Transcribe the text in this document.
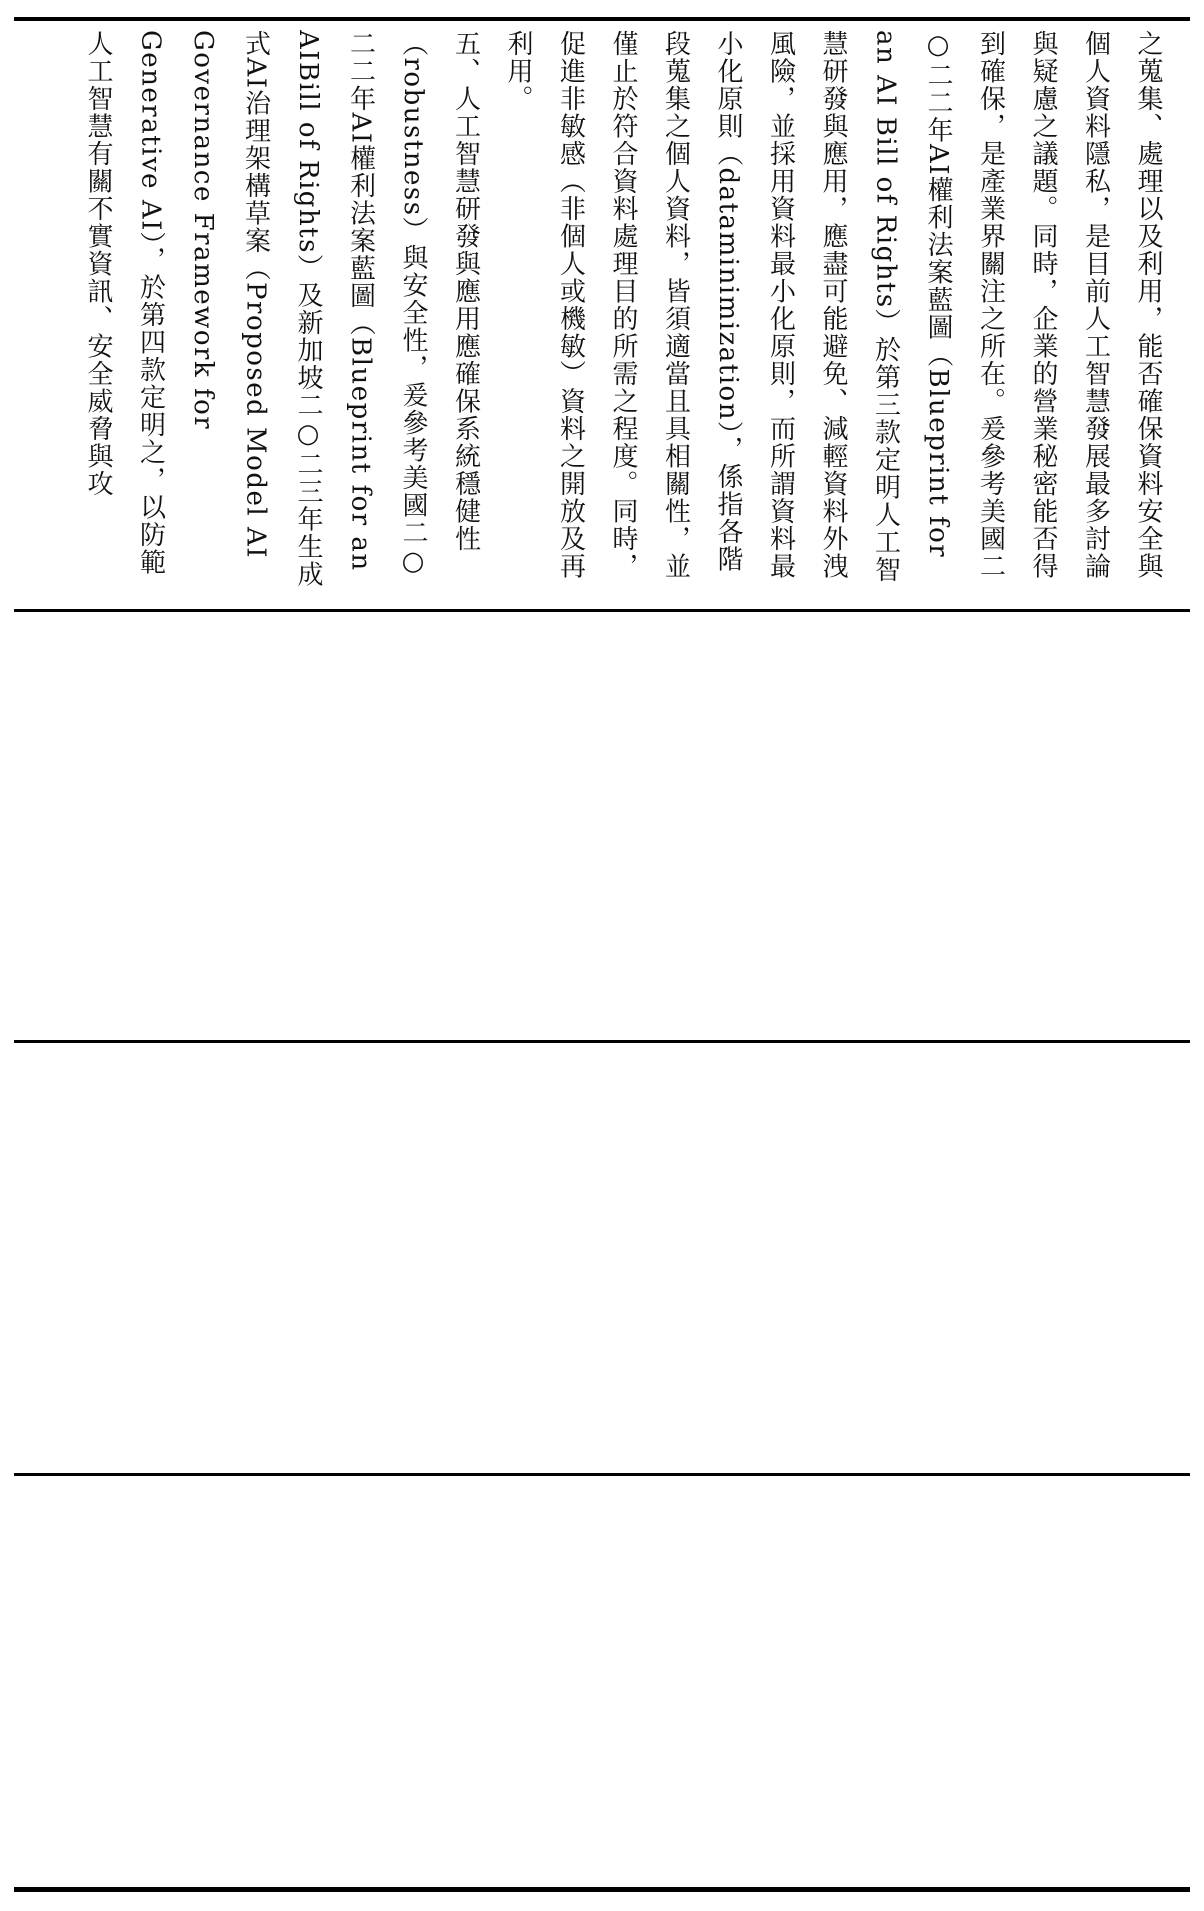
之蒐集、處理以及利用，能否確保資料安全與個人資料隱私，是目前人工智慧發展最多討論與疑慮之議題。同時，企業的營業秘密能否得到確保，是產業界關注之所在。爰參考美國二○二二年AI權利法案藍圖（Blueprint for an AI Bill of Rights）於第三款定明人工智慧研發與應用，應盡可能避免、減輕資料外洩風險，並採用資料最小化原則，而所謂資料最小化原則（dataminimization），係指各階段蒐集之個人資料，皆須適當且具相關性，並僅止於符合資料處理目的所需之程度。同時，促進非敏感（非個人或機敏）資料之開放及再利用。

五、人工智慧研發與應用應確保系統穩健性（robustness）與安全性，爰參考美國二○二二年AI權利法案藍圖（Blueprint for an AIBill of Rights）及新加坡二○二三年生成式AI治理架構草案（Proposed Model AI Governance Framework for Generative AI），於第四款定明之，以防範人工智慧有關不實資訊、安全威脅與攻
